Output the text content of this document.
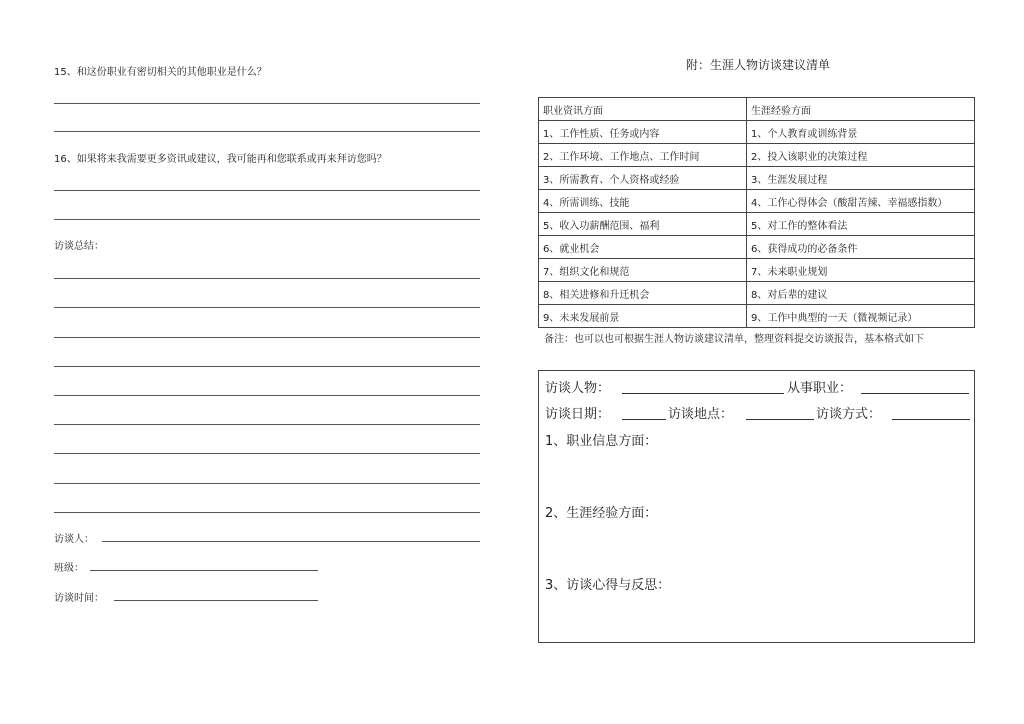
15、和这份职业有密切相关的其他职业是什么？
16、如果将来我需要更多资讯或建议，我可能再和您联系或再来拜访您吗？
访谈总结：
访谈人：
班级：
访谈时间：
附：生涯人物访谈建议清单
职业资讯方面	生涯经验方面
1、工作性质、任务或内容	1、个人教育或训练背景
2、工作环境、工作地点、工作时间	2、投入该职业的决策过程
3、所需教育、个人资格或经验	3、生涯发展过程
4、所需训练、技能	4、工作心得体会（酸甜苦辣、幸福感指数）
5、收入功薪酬范围、福利	5、对工作的整体看法
6、就业机会	6、获得成功的必备条件
7、组织文化和规范	7、未来职业规划
8、相关进修和升迁机会	8、对后辈的建议
9、未来发展前景	9、工作中典型的一天（微视频记录）
备注：也可以也可根据生涯人物访谈建议清单，整理资料提交访谈报告，基本格式如下
访谈人物：	从事职业：
访谈日期：	访谈地点：	访谈方式：
1、职业信息方面：
2、生涯经验方面：
3、访谈心得与反思：
